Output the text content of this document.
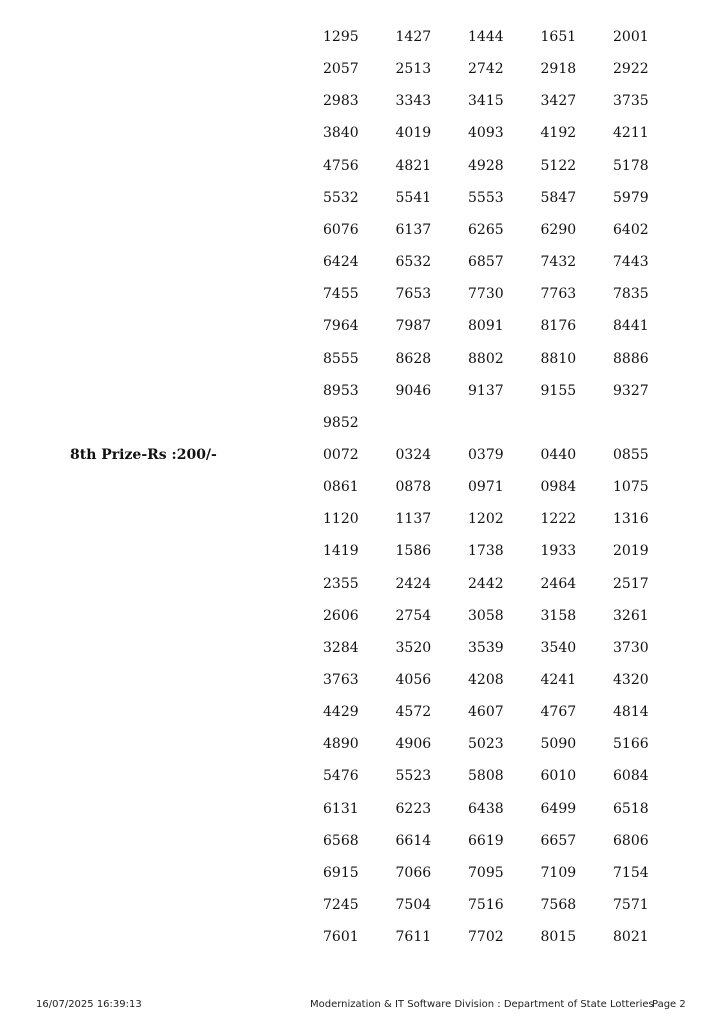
1295	1427	1444	1651	2001
2057	2513	2742	2918	2922
2983	3343	3415	3427	3735
3840	4019	4093	4192	4211
4756	4821	4928	5122	5178
5532	5541	5553	5847	5979
6076	6137	6265	6290	6402
6424	6532	6857	7432	7443
7455	7653	7730	7763	7835
7964	7987	8091	8176	8441
8555	8628	8802	8810	8886
8953	9046	9137	9155	9327
9852
8th Prize-Rs :200/-	0072	0324	0379	0440	0855
0861	0878	0971	0984	1075
1120	1137	1202	1222	1316
1419	1586	1738	1933	2019
2355	2424	2442	2464	2517
2606	2754	3058	3158	3261
3284	3520	3539	3540	3730
3763	4056	4208	4241	4320
4429	4572	4607	4767	4814
4890	4906	5023	5090	5166
5476	5523	5808	6010	6084
6131	6223	6438	6499	6518
6568	6614	6619	6657	6806
6915	7066	7095	7109	7154
7245	7504	7516	7568	7571
7601	7611	7702	8015	8021
16/07/2025 16:39:13	Modernization & IT Software Division : Department of State Lotteries
Page 2
